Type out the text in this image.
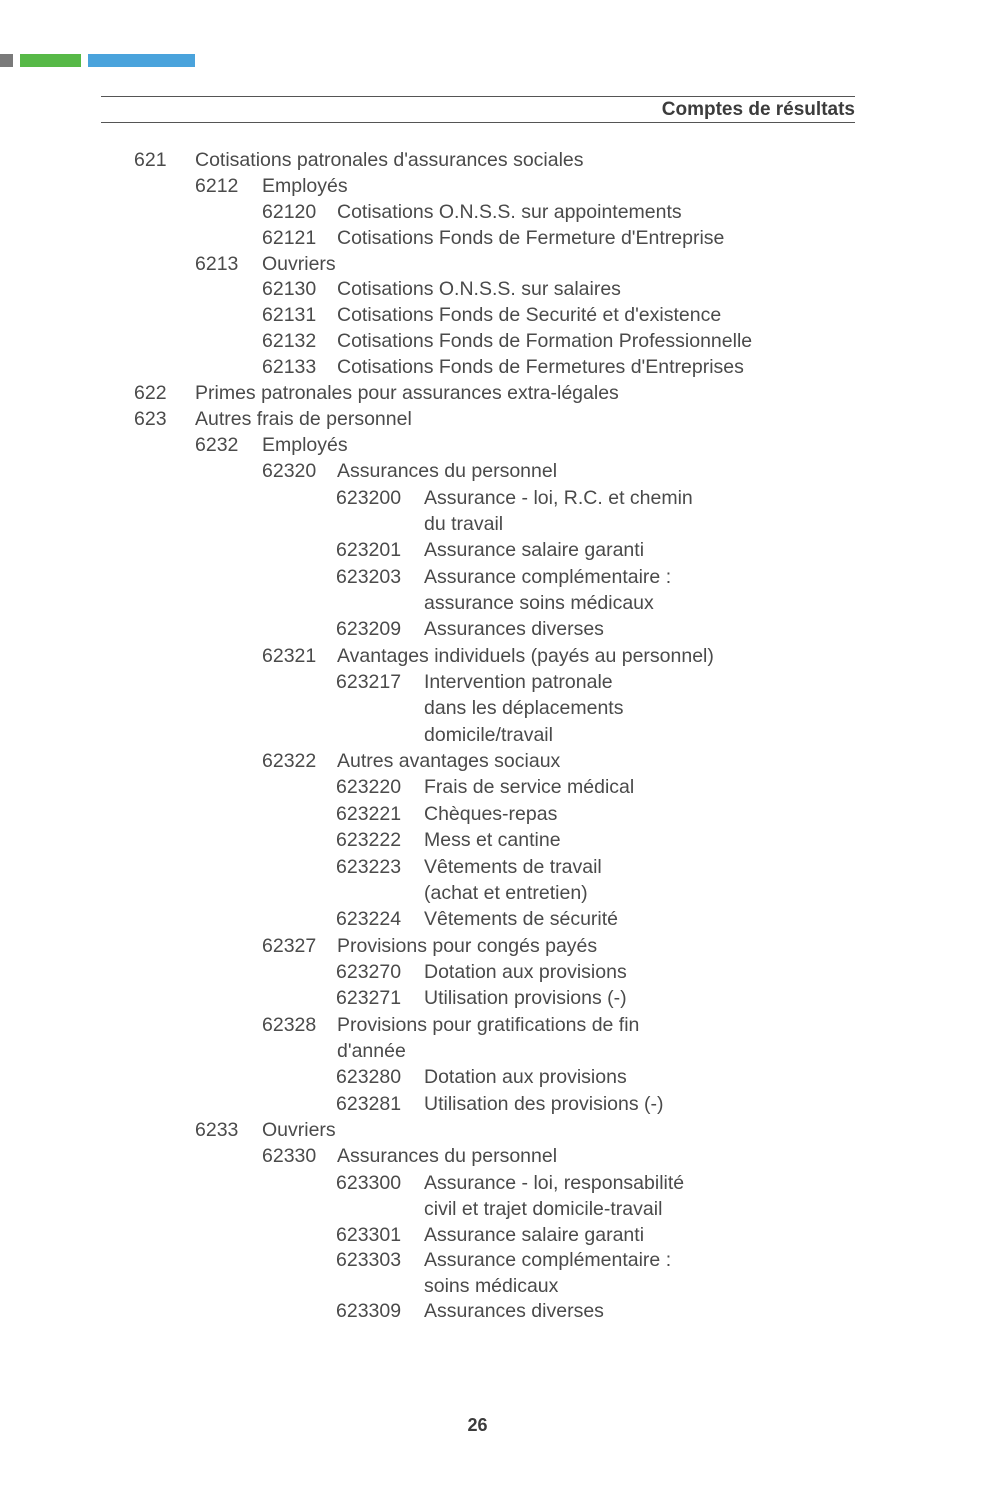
Comptes de résultats
621 Cotisations patronales d'assurances sociales
6212 Employés
62120 Cotisations O.N.S.S. sur appointements
62121 Cotisations Fonds de Fermeture d'Entreprise
6213 Ouvriers
62130 Cotisations O.N.S.S. sur salaires
62131 Cotisations Fonds de Securité et d'existence
62132 Cotisations Fonds de Formation Professionnelle
62133 Cotisations Fonds de Fermetures d'Entreprises
622 Primes patronales pour assurances extra-légales
623 Autres frais de personnel
6232 Employés
62320 Assurances du personnel
623200 Assurance - loi, R.C. et chemin
du travail
623201 Assurance salaire garanti
623203 Assurance complémentaire :
assurance soins médicaux
623209 Assurances diverses
62321 Avantages individuels (payés au personnel)
623217 Intervention patronale
dans les déplacements
domicile/travail
62322 Autres avantages sociaux
623220 Frais de service médical
623221 Chèques-repas
623222 Mess et cantine
623223 Vêtements de travail
(achat et entretien)
623224 Vêtements de sécurité
62327 Provisions pour congés payés
623270 Dotation aux provisions
623271 Utilisation provisions (-)
62328 Provisions pour gratifications de fin
d'année
623280 Dotation aux provisions
623281 Utilisation des provisions (-)
6233 Ouvriers
62330 Assurances du personnel
623300 Assurance - loi, responsabilité
civil et trajet domicile-travail
623301 Assurance salaire garanti
623303 Assurance complémentaire :
soins médicaux
623309 Assurances diverses
26
